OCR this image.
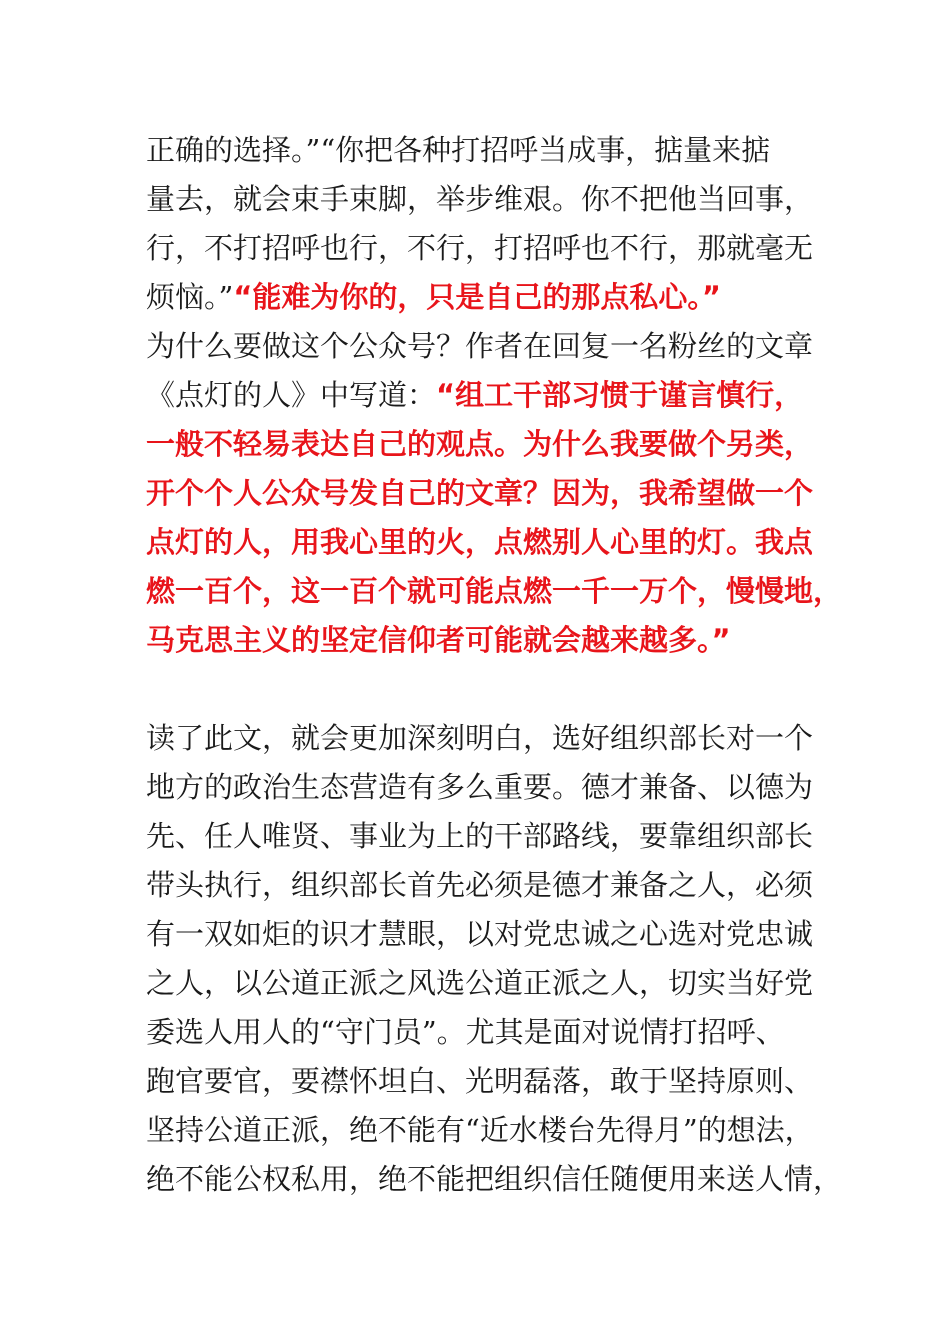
正确的选择。”“你把各种打招呼当成事，掂量来掂
量去，就会束手束脚，举步维艰。你不把他当回事，
行，不打招呼也行，不行，打招呼也不行，那就毫无
烦恼。”“能难为你的，只是自己的那点私心。”
为什么要做这个公众号？作者在回复一名粉丝的文章
《点灯的人》中写道：“组工干部习惯于谨言慎行，
一般不轻易表达自己的观点。为什么我要做个另类，
开个个人公众号发自己的文章？因为，我希望做一个
点灯的人，用我心里的火，点燃别人心里的灯。我点
燃一百个，这一百个就可能点燃一千一万个，慢慢地，
马克思主义的坚定信仰者可能就会越来越多。”
读了此文，就会更加深刻明白，选好组织部长对一个
地方的政治生态营造有多么重要。德才兼备、以德为
先、任人唯贤、事业为上的干部路线，要靠组织部长
带头执行，组织部长首先必须是德才兼备之人，必须
有一双如炬的识才慧眼，以对党忠诚之心选对党忠诚
之人，以公道正派之风选公道正派之人，切实当好党
委选人用人的“守门员”。尤其是面对说情打招呼、
跑官要官，要襟怀坦白、光明磊落，敢于坚持原则、
坚持公道正派，绝不能有“近水楼台先得月”的想法，
绝不能公权私用，绝不能把组织信任随便用来送人情，
